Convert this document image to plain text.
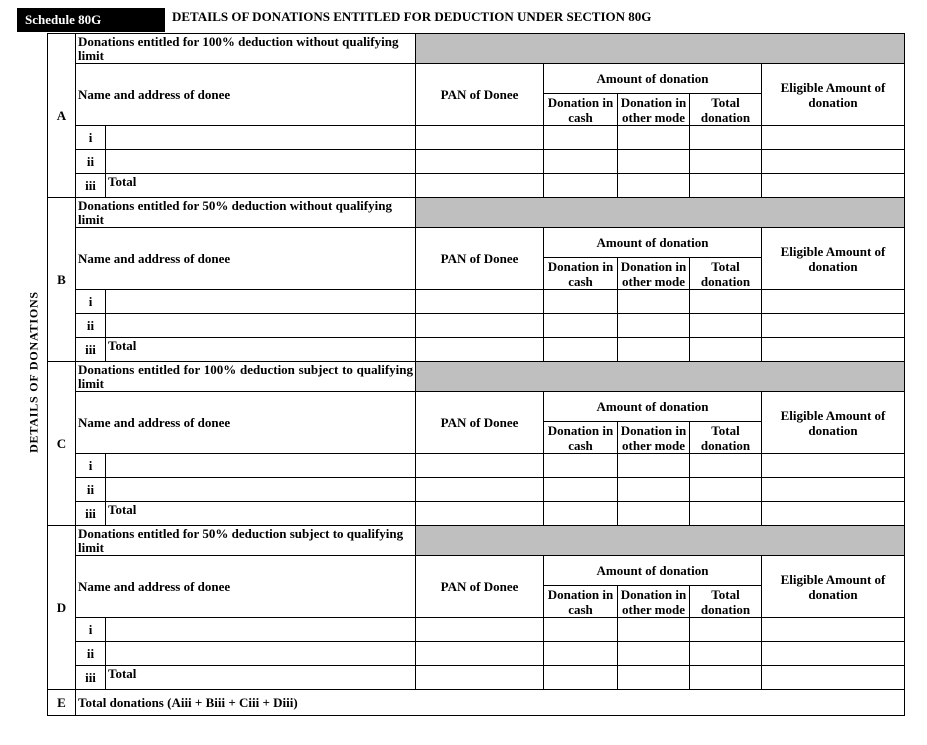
Schedule 80G	DETAILS OF DONATIONS ENTITLED FOR DEDUCTION UNDER SECTION 80G
DETAILS OF DONATIONS
A	Donations entitled for 100% deduction without qualifying limit						
	Name and address of donee		PAN of Donee	Amount of donation			Eligible Amount of donation
				Donation in cash	Donation in other mode	Total donation	
	i						
	ii						
	iii	Total					
B	Donations entitled for 50% deduction without qualifying limit						
	Name and address of donee		PAN of Donee	Amount of donation			Eligible Amount of donation
				Donation in cash	Donation in other mode	Total donation	
	i						
	ii						
	iii	Total					
C	Donations entitled for 100% deduction subject to qualifying limit						
	Name and address of donee		PAN of Donee	Amount of donation			Eligible Amount of donation
				Donation in cash	Donation in other mode	Total donation	
	i						
	ii						
	iii	Total					
D	Donations entitled for 50% deduction subject to qualifying limit						
	Name and address of donee		PAN of Donee	Amount of donation			Eligible Amount of donation
				Donation in cash	Donation in other mode	Total donation	
	i						
	ii						
	iii	Total					
E	Total donations (Aiii + Biii + Ciii + Diii)						
